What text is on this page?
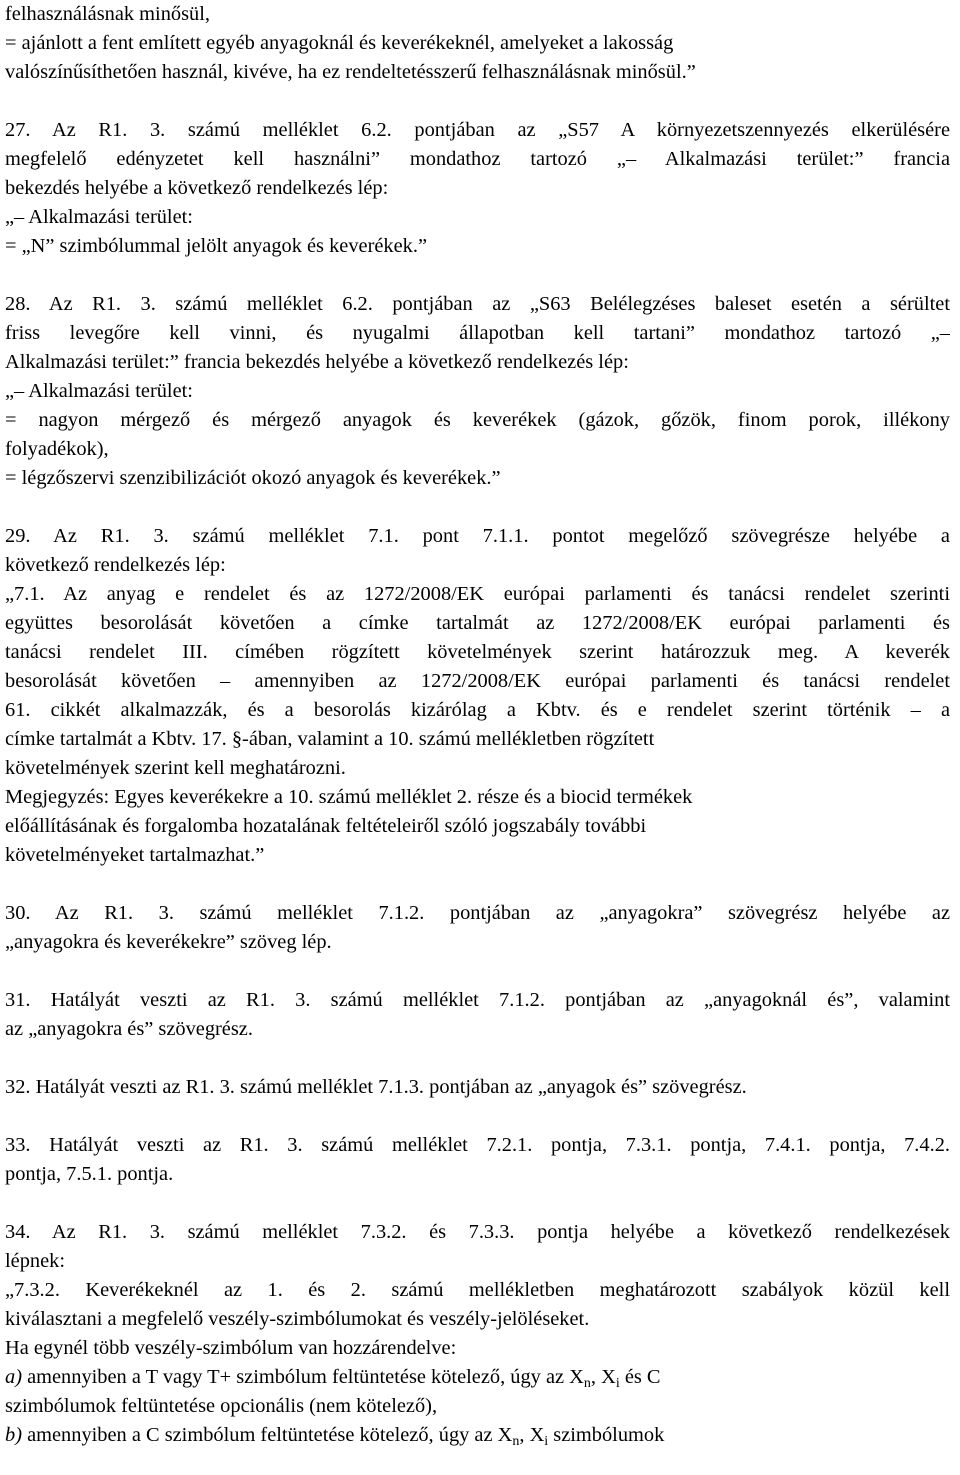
felhasználásnak minősül,
= ajánlott a fent említett egyéb anyagoknál és keverékeknél, amelyeket a lakosság
valószínűsíthetően használ, kivéve, ha ez rendeltetésszerű felhasználásnak minősül.”
27. Az R1. 3. számú melléklet 6.2. pontjában az „S57 A környezetszennyezés elkerülésére
megfelelő edényzetet kell használni” mondathoz tartozó „– Alkalmazási terület:” francia
bekezdés helyébe a következő rendelkezés lép:
„– Alkalmazási terület:
= „N” szimbólummal jelölt anyagok és keverékek.”
28. Az R1. 3. számú melléklet 6.2. pontjában az „S63 Belélegzéses baleset esetén a sérültet
friss levegőre kell vinni, és nyugalmi állapotban kell tartani” mondathoz tartozó „–
Alkalmazási terület:” francia bekezdés helyébe a következő rendelkezés lép:
„– Alkalmazási terület:
= nagyon mérgező és mérgező anyagok és keverékek (gázok, gőzök, finom porok, illékony
folyadékok),
= légzőszervi szenzibilizációt okozó anyagok és keverékek.”
29. Az R1. 3. számú melléklet 7.1. pont 7.1.1. pontot megelőző szövegrésze helyébe a
következő rendelkezés lép:
„7.1. Az anyag e rendelet és az 1272/2008/EK európai parlamenti és tanácsi rendelet szerinti
együttes besorolását követően a címke tartalmát az 1272/2008/EK európai parlamenti és
tanácsi rendelet III. címében rögzített követelmények szerint határozzuk meg. A keverék
besorolását követően – amennyiben az 1272/2008/EK európai parlamenti és tanácsi rendelet
61. cikkét alkalmazzák, és a besorolás kizárólag a Kbtv. és e rendelet szerint történik – a
címke tartalmát a Kbtv. 17. §-ában, valamint a 10. számú mellékletben rögzített
követelmények szerint kell meghatározni.
Megjegyzés: Egyes keverékekre a 10. számú melléklet 2. része és a biocid termékek
előállításának és forgalomba hozatalának feltételeiről szóló jogszabály további
követelményeket tartalmazhat.”
30. Az R1. 3. számú melléklet 7.1.2. pontjában az „anyagokra” szövegrész helyébe az
„anyagokra és keverékekre” szöveg lép.
31. Hatályát veszti az R1. 3. számú melléklet 7.1.2. pontjában az „anyagoknál és”, valamint
az „anyagokra és” szövegrész.
32. Hatályát veszti az R1. 3. számú melléklet 7.1.3. pontjában az „anyagok és” szövegrész.
33. Hatályát veszti az R1. 3. számú melléklet 7.2.1. pontja, 7.3.1. pontja, 7.4.1. pontja, 7.4.2.
pontja, 7.5.1. pontja.
34. Az R1. 3. számú melléklet 7.3.2. és 7.3.3. pontja helyébe a következő rendelkezések
lépnek:
„7.3.2. Keverékeknél az 1. és 2. számú mellékletben meghatározott szabályok közül kell
kiválasztani a megfelelő veszély-szimbólumokat és veszély-jelöléseket.
Ha egynél több veszély-szimbólum van hozzárendelve:
a) amennyiben a T vagy T+ szimbólum feltüntetése kötelező, úgy az $X_n$, $X_i$ és C
szimbólumok feltüntetése opcionális (nem kötelező),
b) amennyiben a C szimbólum feltüntetése kötelező, úgy az $X_n$, $X_i$ szimbólumok
